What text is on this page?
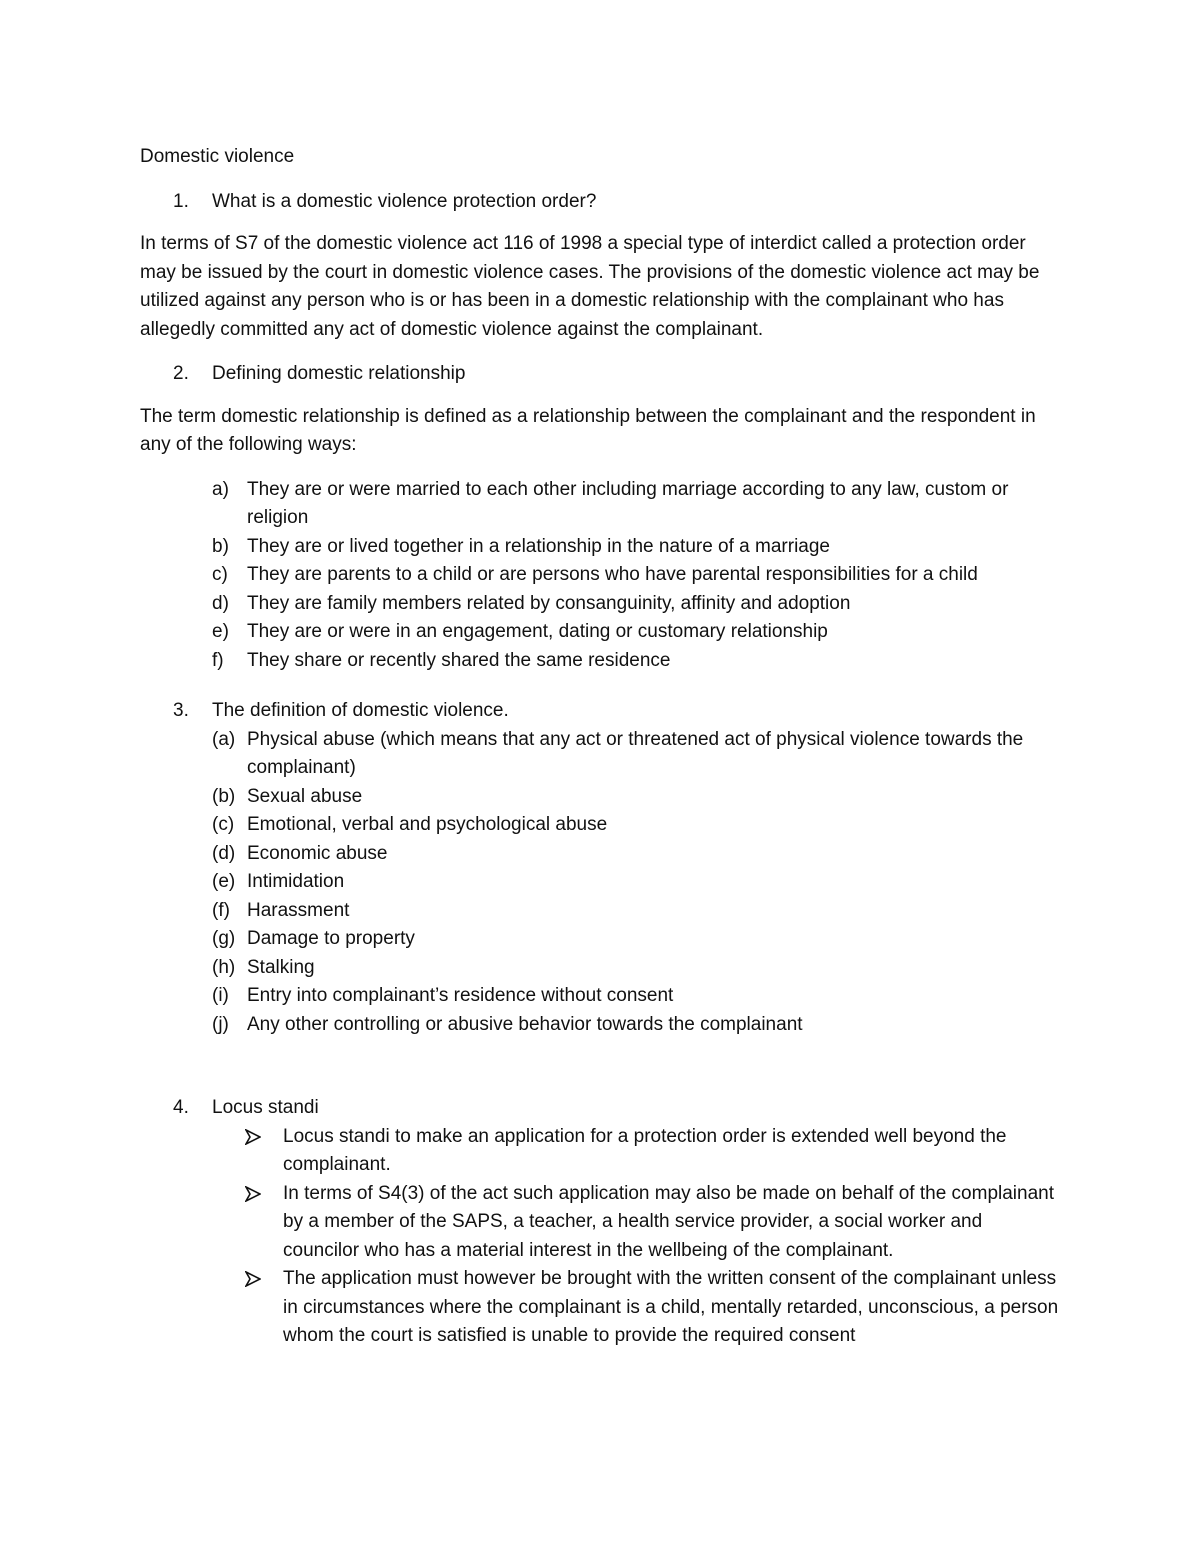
Domestic violence

1. What is a domestic violence protection order?

In terms of S7 of the domestic violence act 116 of 1998 a special type of interdict called a protection order may be issued by the court in domestic violence cases. The provisions of the domestic violence act may be utilized against any person who is or has been in a domestic relationship with the complainant who has allegedly committed any act of domestic violence against the complainant.

2. Defining domestic relationship

The term domestic relationship is defined as a relationship between the complainant and the respondent in any of the following ways:

a) They are or were married to each other including marriage according to any law, custom or religion
b) They are or lived together in a relationship in the nature of a marriage
c) They are parents to a child or are persons who have parental responsibilities for a child
d) They are family members related by consanguinity, affinity and adoption
e) They are or were in an engagement, dating or customary relationship
f) They share or recently shared the same residence
3. The definition of domestic violence.
(a) Physical abuse (which means that any act or threatened act of physical violence towards the complainant)
(b) Sexual abuse
(c) Emotional, verbal and psychological abuse
(d) Economic abuse
(e) Intimidation
(f) Harassment
(g) Damage to property
(h) Stalking
(i) Entry into complainant’s residence without consent
(j) Any other controlling or abusive behavior towards the complainant
4. Locus standi
Locus standi to make an application for a protection order is extended well beyond the complainant.
In terms of S4(3) of the act such application may also be made on behalf of the complainant by a member of the SAPS, a teacher, a health service provider, a social worker and councilor who has a material interest in the wellbeing of the complainant.
The application must however be brought with the written consent of the complainant unless in circumstances where the complainant is a child, mentally retarded, unconscious, a person whom the court is satisfied is unable to provide the required consent
